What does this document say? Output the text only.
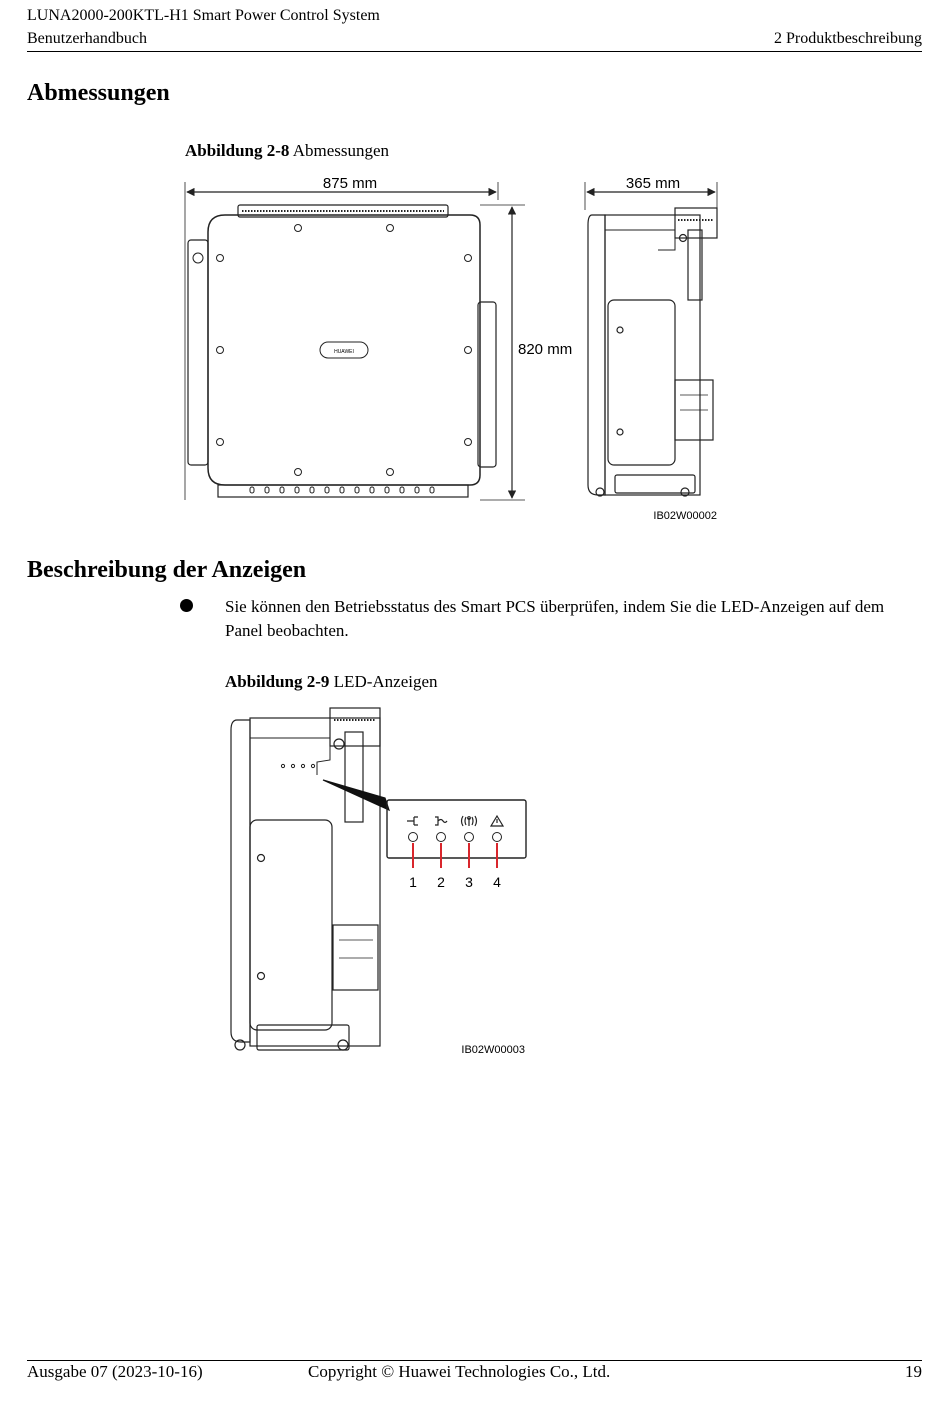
LUNA2000-200KTL-H1 Smart Power Control System
Benutzerhandbuch	2 Produktbeschreibung
Abmessungen
Abbildung 2-8 Abmessungen
875 mm	365 mm
820 mm
HUAWEI
IB02W00002
Beschreibung der Anzeigen
Sie können den Betriebsstatus des Smart PCS überprüfen, indem Sie die LED-Anzeigen auf dem Panel beobachten.
Abbildung 2-9 LED-Anzeigen
1 2 3 4
IB02W00003
Ausgabe 07 (2023-10-16)	Copyright © Huawei Technologies Co., Ltd.	19
